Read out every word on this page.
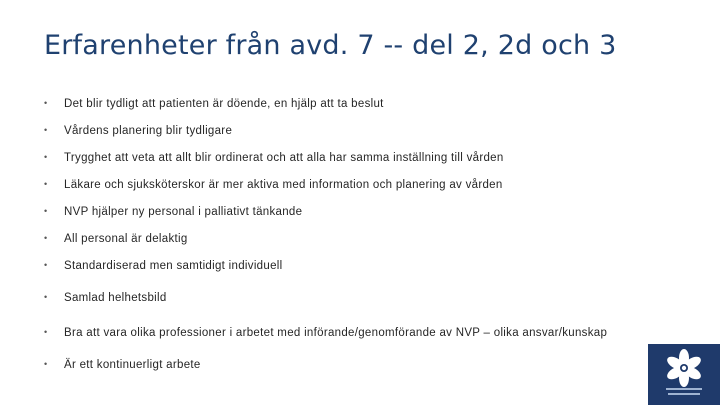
Erfarenheter från avd. 7 -- del 2, 2d och 3
• Det blir tydligt att patienten är döende, en hjälp att ta beslut
• Vårdens planering blir tydligare
• Trygghet att veta att allt blir ordinerat och att alla har samma inställning till vården
• Läkare och sjuksköterskor är mer aktiva med information och planering av vården
• NVP hjälper ny personal i palliativt tänkande
• All personal är delaktig
• Standardiserad men samtidigt individuell
• Samlad helhetsbild
• Bra att vara olika professioner i arbetet med införande/genomförande av NVP – olika ansvar/kunskap
• Är ett kontinuerligt arbete
